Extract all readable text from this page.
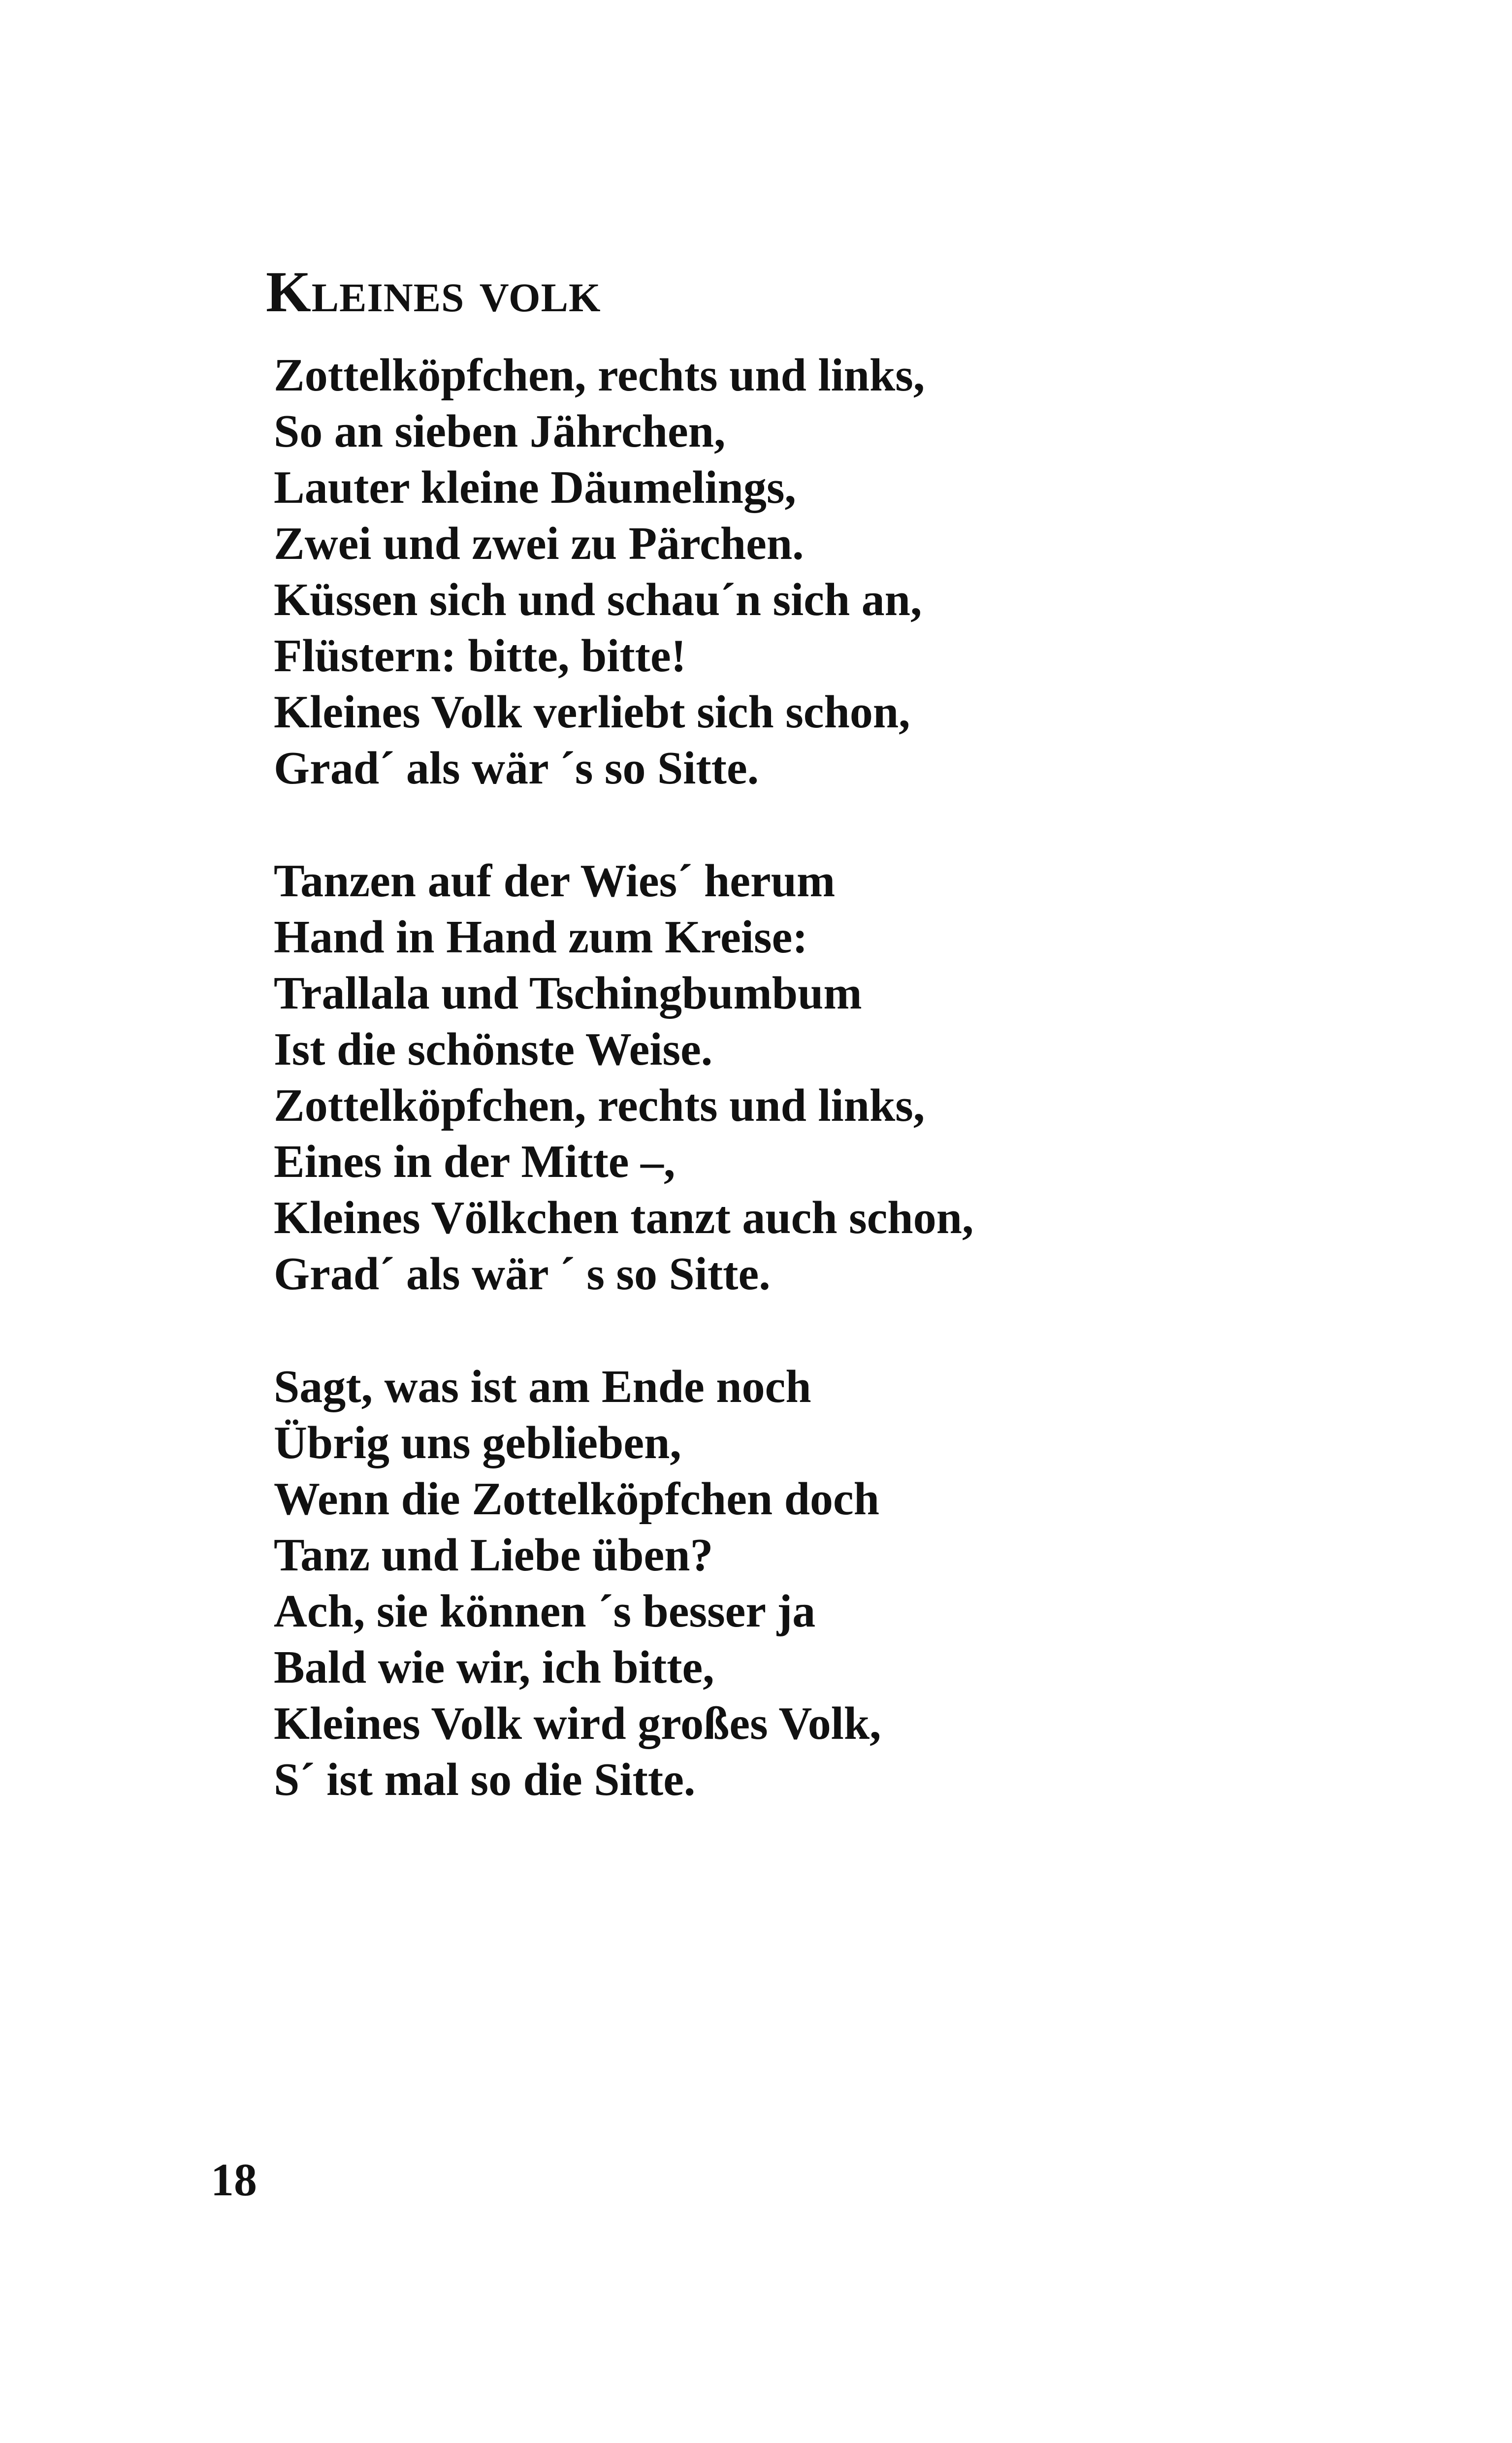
Kleines volk
Zottelköpfchen, rechts und links,
So an sieben Jährchen,
Lauter kleine Däumelings,
Zwei und zwei zu Pärchen.
Küssen sich und schau´n sich an,
Flüstern: bitte, bitte!
Kleines Volk verliebt sich schon,
Grad´ als wär ´s so Sitte.
Tanzen auf der Wies´ herum
Hand in Hand zum Kreise:
Trallala und Tschingbumbum
Ist die schönste Weise.
Zottelköpfchen, rechts und links,
Eines in der Mitte –,
Kleines Völkchen tanzt auch schon,
Grad´ als wär ´ s so Sitte.
Sagt, was ist am Ende noch
Übrig uns geblieben,
Wenn die Zottelköpfchen doch
Tanz und Liebe üben?
Ach, sie können ´s besser ja
Bald wie wir, ich bitte,
Kleines Volk wird großes Volk,
S´ ist mal so die Sitte.
18
